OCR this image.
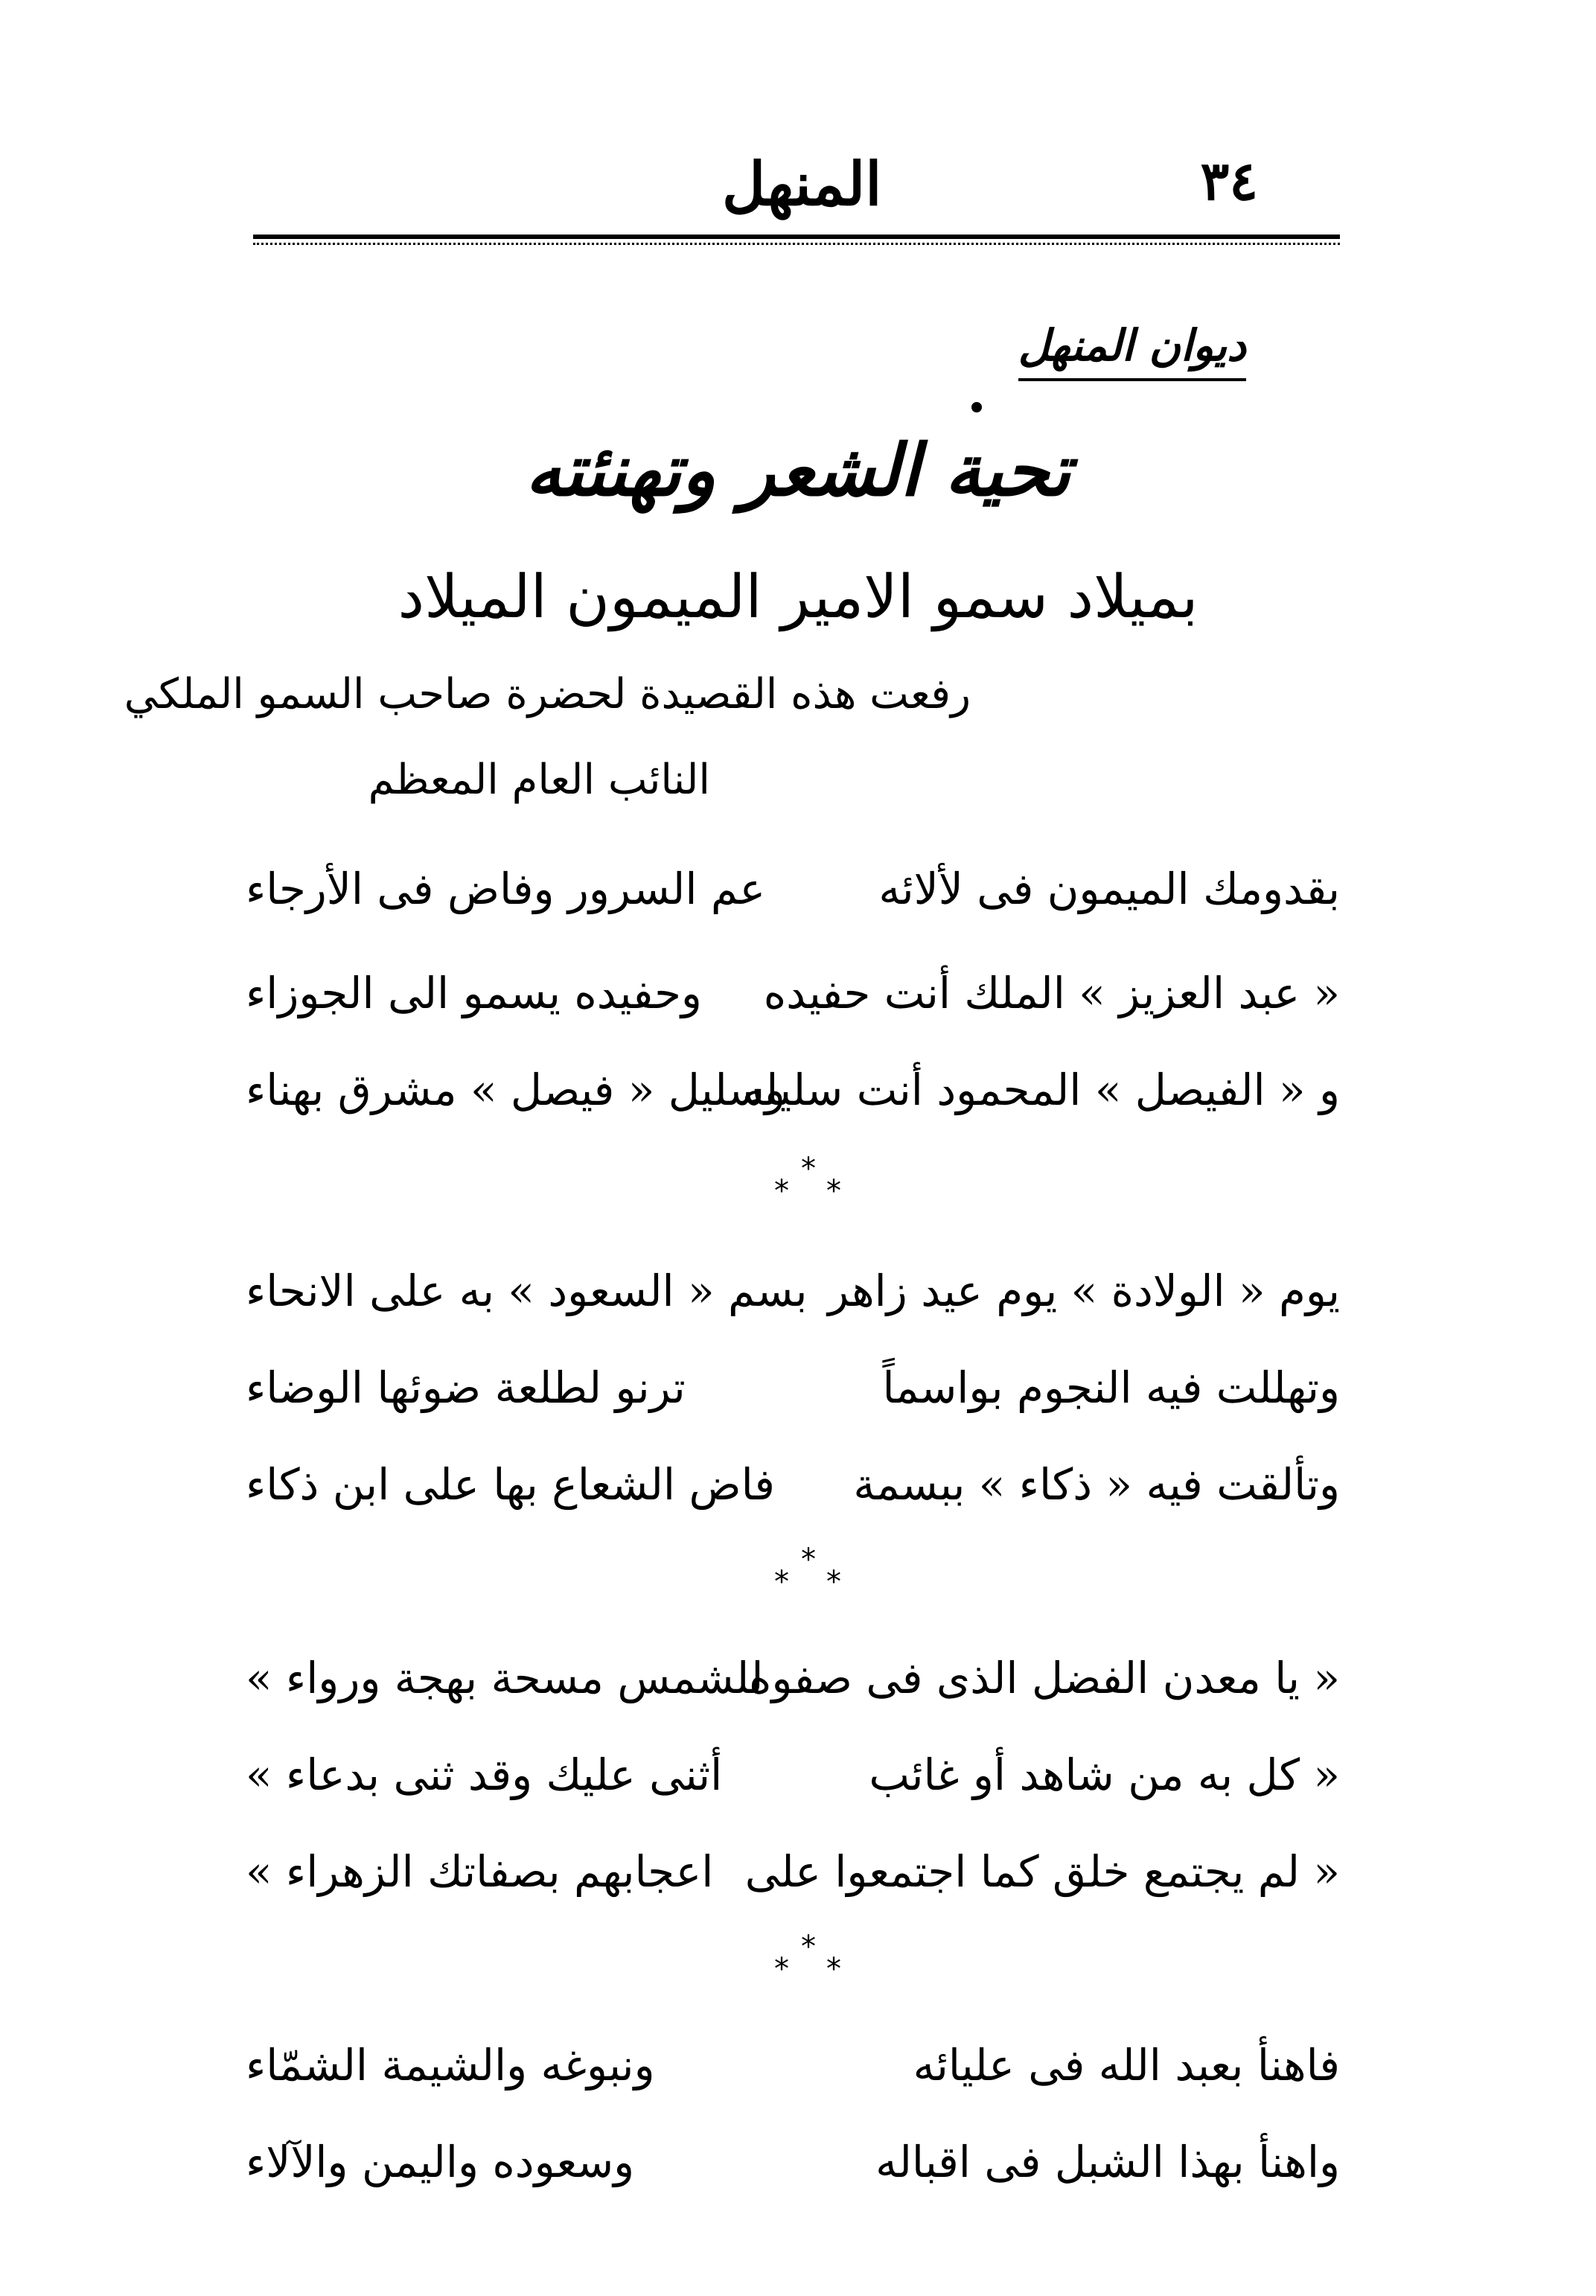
٣٤
المنهل
ديوان المنهل
تحية الشعر وتهنئته
بميلاد سمو الامير الميمون الميلاد
رفعت هذه القصيدة لحضرة صاحب السمو الملكي
النائب العام المعظم
بقدومك الميمون فى لألائه
عم السرور وفاض فى الأرجاء
« عبد العزيز » الملك أنت حفيده
وحفيده يسمو الى الجوزاء
و « الفيصل » المحمود أنت سليله
وسليل « فيصل » مشرق بهناء
*
* *
يوم « الولادة » يوم عيد زاهر
بسم « السعود » به على الانحاء
وتهللت فيه النجوم بواسماً
ترنو لطلعة ضوئها الوضاء
وتألقت فيه « ذكاء » ببسمة
فاض الشعاع بها على ابن ذكاء
*
* *
« يا معدن الفضل الذى فى صفوه
للشمس مسحة بهجة ورواء »
« كل به من شاهد أو غائب
أثنى عليك وقد ثنى بدعاء »
« لم يجتمع خلق كما اجتمعوا على
اعجابهم بصفاتك الزهراء »
*
* *
فاهنأ بعبد الله فى عليائه
ونبوغه والشيمة الشمّاء
واهنأ بهذا الشبل فى اقباله
وسعوده واليمن والآلاء
